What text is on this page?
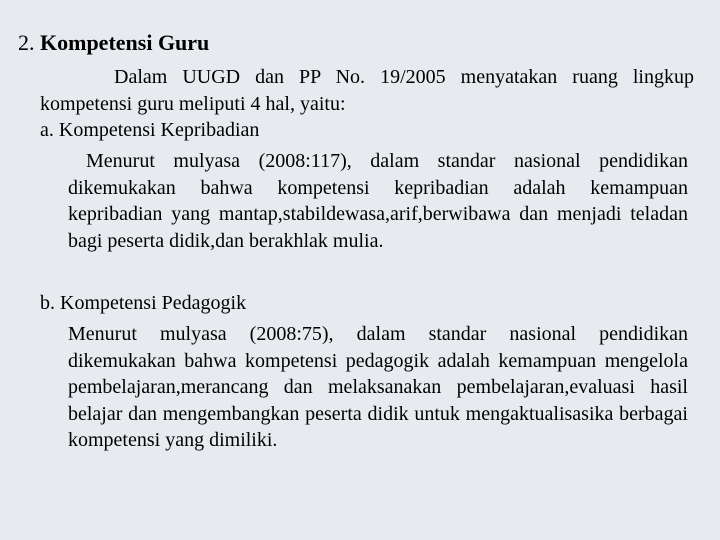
2. Kompetensi Guru
Dalam UUGD dan PP No. 19/2005 menyatakan ruang lingkup kompetensi guru meliputi 4 hal, yaitu:
a. Kompetensi Kepribadian
Menurut mulyasa (2008:117), dalam standar nasional pendidikan dikemukakan bahwa kompetensi kepribadian adalah kemampuan kepribadian yang mantap,stabildewasa,arif,berwibawa dan menjadi teladan bagi peserta didik,dan berakhlak mulia.
b. Kompetensi Pedagogik
Menurut mulyasa (2008:75), dalam standar nasional pendidikan dikemukakan bahwa kompetensi pedagogik adalah kemampuan mengelola pembelajaran,merancang dan melaksanakan pembelajaran,evaluasi hasil belajar dan mengembangkan peserta didik untuk mengaktualisasika berbagai kompetensi yang dimiliki.
